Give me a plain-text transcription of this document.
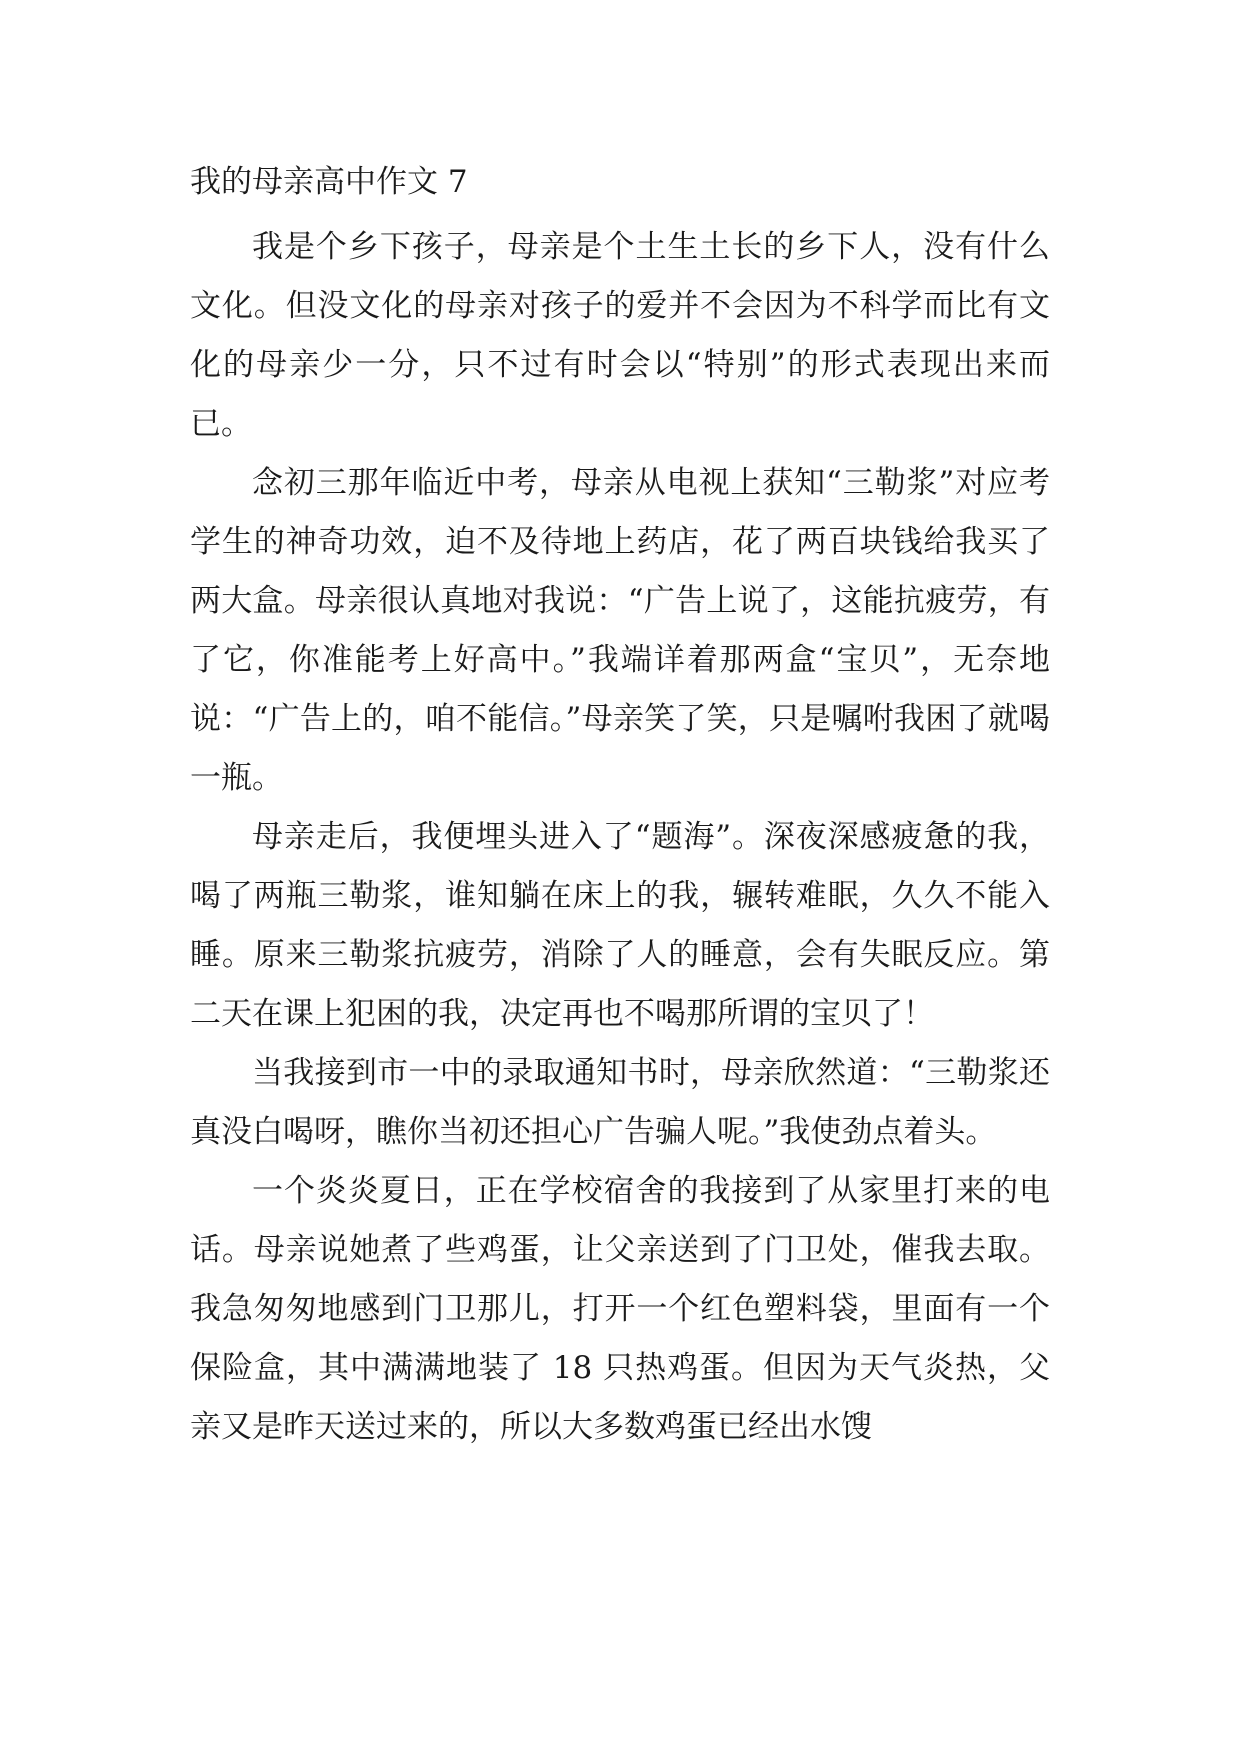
我的母亲高中作文 7

我是个乡下孩子，母亲是个土生土长的乡下人，没有什么文化。但没文化的母亲对孩子的爱并不会因为不科学而比有文化的母亲少一分，只不过有时会以“特别”的形式表现出来而已。

念初三那年临近中考，母亲从电视上获知“三勒浆”对应考学生的神奇功效，迫不及待地上药店，花了两百块钱给我买了两大盒。母亲很认真地对我说：“广告上说了，这能抗疲劳，有了它，你准能考上好高中。”我端详着那两盒“宝贝”，无奈地说：“广告上的，咱不能信。”母亲笑了笑，只是嘱咐我困了就喝一瓶。

母亲走后，我便埋头进入了“题海”。深夜深感疲惫的我，喝了两瓶三勒浆，谁知躺在床上的我，辗转难眠，久久不能入睡。原来三勒浆抗疲劳，消除了人的睡意，会有失眠反应。第二天在课上犯困的我，决定再也不喝那所谓的宝贝了！

当我接到市一中的录取通知书时，母亲欣然道：“三勒浆还真没白喝呀，瞧你当初还担心广告骗人呢。”我使劲点着头。

一个炎炎夏日，正在学校宿舍的我接到了从家里打来的电话。母亲说她煮了些鸡蛋，让父亲送到了门卫处，催我去取。我急匆匆地感到门卫那儿，打开一个红色塑料袋，里面有一个保险盒，其中满满地装了 18 只热鸡蛋。但因为天气炎热，父亲又是昨天送过来的，所以大多数鸡蛋已经出水馊
